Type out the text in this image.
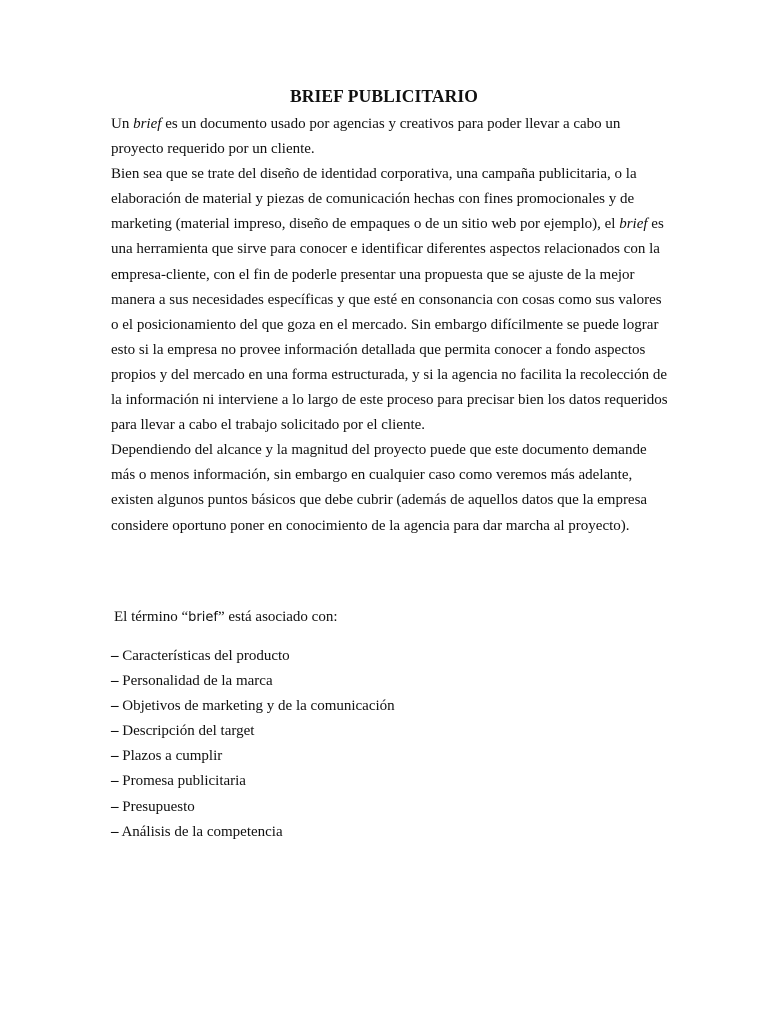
BRIEF PUBLICITARIO

Un brief es un documento usado por agencias y creativos para poder llevar a cabo un proyecto requerido por un cliente.

Bien sea que se trate del diseño de identidad corporativa, una campaña publicitaria, o la elaboración de material y piezas de comunicación hechas con fines promocionales y de marketing (material impreso, diseño de empaques o de un sitio web por ejemplo), el brief es una herramienta que sirve para conocer e identificar diferentes aspectos relacionados con la empresa-cliente, con el fin de poderle presentar una propuesta que se ajuste de la mejor manera a sus necesidades específicas y que esté en consonancia con cosas como sus valores o el posicionamiento del que goza en el mercado. Sin embargo difícilmente se puede lograr esto si la empresa no provee información detallada que permita conocer a fondo aspectos propios y del mercado en una forma estructurada, y si la agencia no facilita la recolección de la información ni interviene a lo largo de este proceso para precisar bien los datos requeridos para llevar a cabo el trabajo solicitado por el cliente.

Dependiendo del alcance y la magnitud del proyecto puede que este documento demande más o menos información, sin embargo en cualquier caso como veremos más adelante, existen algunos puntos básicos que debe cubrir (además de aquellos datos que la empresa considere oportuno poner en conocimiento de la agencia para dar marcha al proyecto).

El término “brief” está asociado con:
– Características del producto
– Personalidad de la marca
– Objetivos de marketing y de la comunicación
– Descripción del target
– Plazos a cumplir
– Promesa publicitaria
– Presupuesto
– Análisis de la competencia
